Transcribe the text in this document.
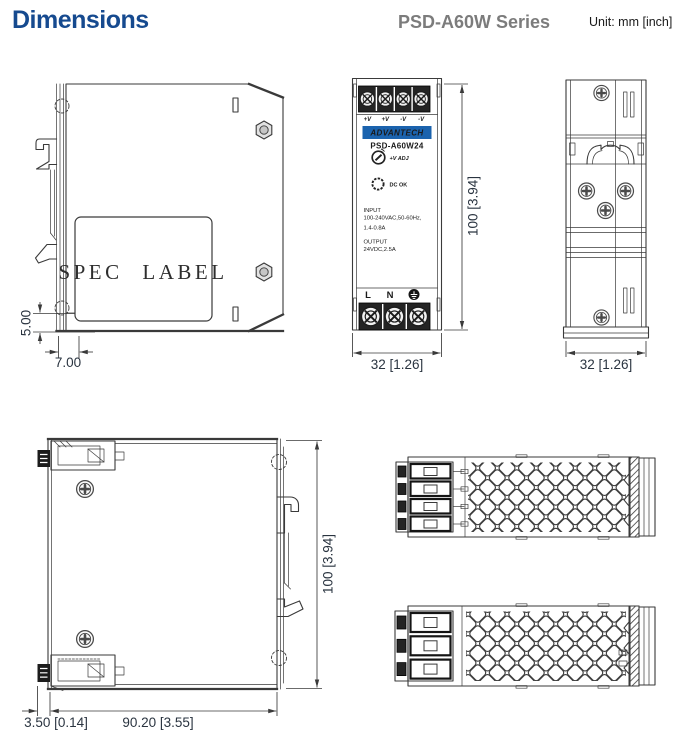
Dimensions	PSD-A60W Series	Unit: mm [inch]
SPEC LABEL
5.00
7.00
+V +V -V -V
ADVANTECH
PSD-A60W24
+V ADJ
DC OK
INPUT
100-240VAC,50-60Hz,
1.4-0.8A
OUTPUT
24VDC,2.5A
L N
32 [1.26]
100 [3.94]
32 [1.26]
100 [3.94]
3.50 [0.14]	90.20 [3.55]
